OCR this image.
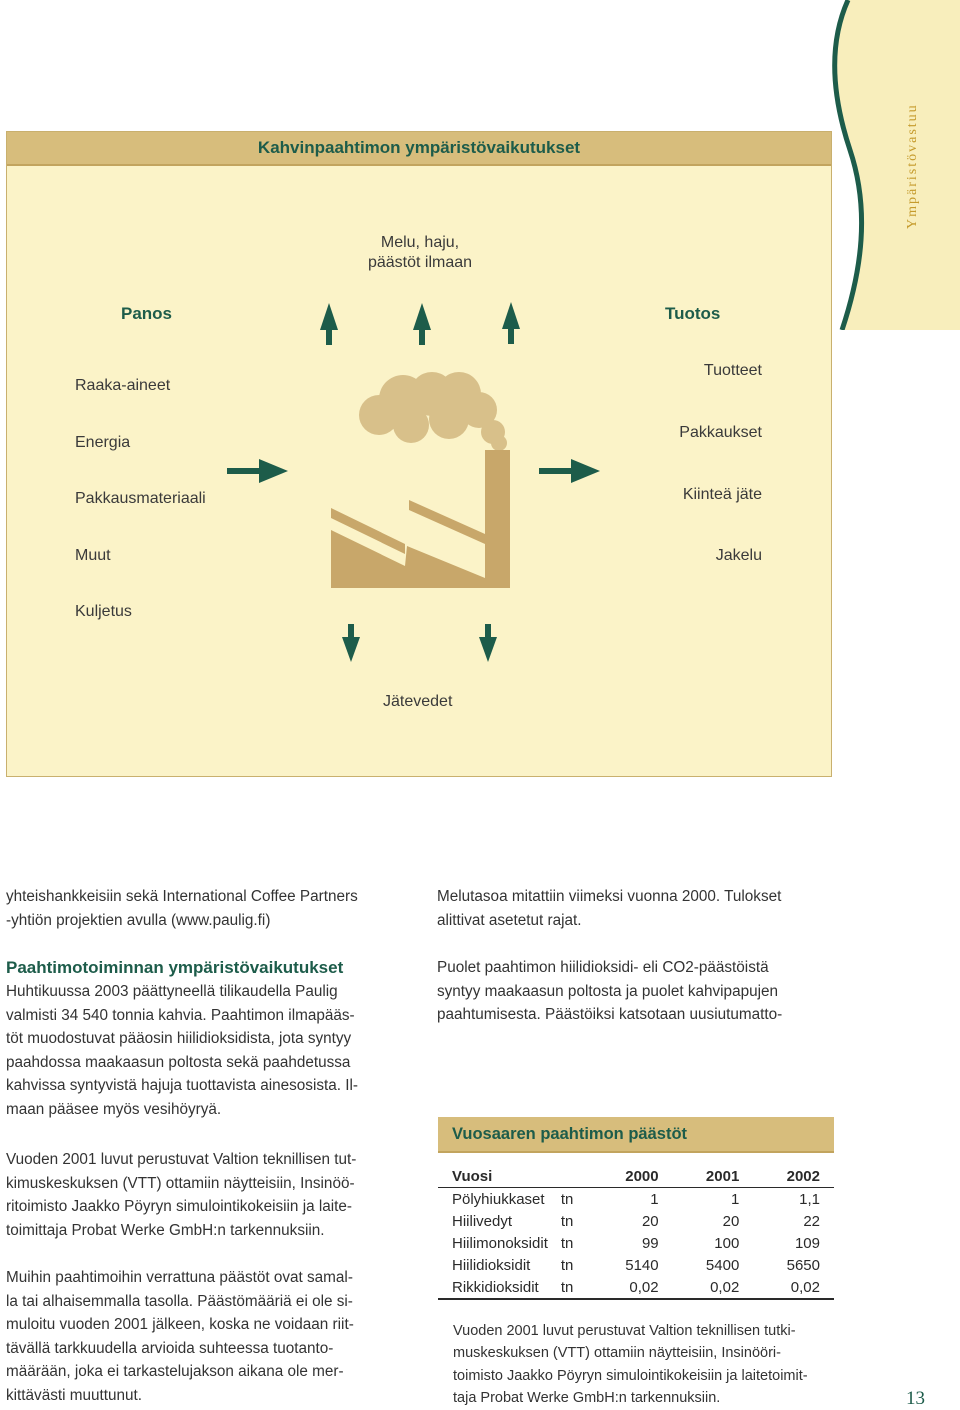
Ympäristövastuu
Kahvinpaahtimon ympäristövaikutukset
Melu, haju,
päästöt ilmaan
Panos	Tuotos
Raaka-aineet
Energia
Pakkausmateriaali
Muut
Kuljetus
Tuotteet
Pakkaukset
Kiinteä jäte
Jakelu
Jätevedet
yhteishankkeisiin sekä International Coffee Partners
-yhtiön projektien avulla (www.paulig.fi)
Paahtimotoiminnan ympäristövaikutukset
Huhtikuussa 2003 päättyneellä tilikaudella Paulig
valmisti 34 540 tonnia kahvia. Paahtimon ilmapääs-
töt muodostuvat pääosin hiilidioksidista, jota syntyy
paahdossa maakaasun poltosta sekä paahdetussa
kahvissa syntyvistä hajuja tuottavista ainesosista. Il-
maan pääsee myös vesihöyryä.
Vuoden 2001 luvut perustuvat Valtion teknillisen tut-
kimuskeskuksen (VTT) ottamiin näytteisiin, Insinöö-
ritoimisto Jaakko Pöyryn simulointikokeisiin ja laite-
toimittaja Probat Werke GmbH:n tarkennuksiin.
Muihin paahtimoihin verrattuna päästöt ovat samal-
la tai alhaisemmalla tasolla. Päästömääriä ei ole si-
muloitu vuoden 2001 jälkeen, koska ne voidaan riit-
tävällä tarkkuudella arvioida suhteessa tuotanto-
määrään, joka ei tarkastelujakson aikana ole mer-
kittävästi muuttunut.
Melutasoa mitattiin viimeksi vuonna 2000. Tulokset
alittivat asetetut rajat.
Puolet paahtimon hiilidioksidi- eli CO2-päästöistä
syntyy maakaasun poltosta ja puolet kahvipapujen
paahtumisesta. Päästöiksi katsotaan uusiutumatto-
Vuosaaren paahtimon päästöt
Vuosi		2000	2001	2002
Pölyhiukkaset	tn	1	1	1,1
Hiilivedyt	tn	20	20	22
Hiilimonoksidit	tn	99	100	109
Hiilidioksidit	tn	5140	5400	5650
Rikkidioksidit	tn	0,02	0,02	0,02
Vuoden 2001 luvut perustuvat Valtion teknillisen tutki-
muskeskuksen (VTT) ottamiin näytteisiin, Insinööri-
toimisto Jaakko Pöyryn simulointikokeisiin ja laitetoimit-
taja Probat Werke GmbH:n tarkennuksiin.	13
